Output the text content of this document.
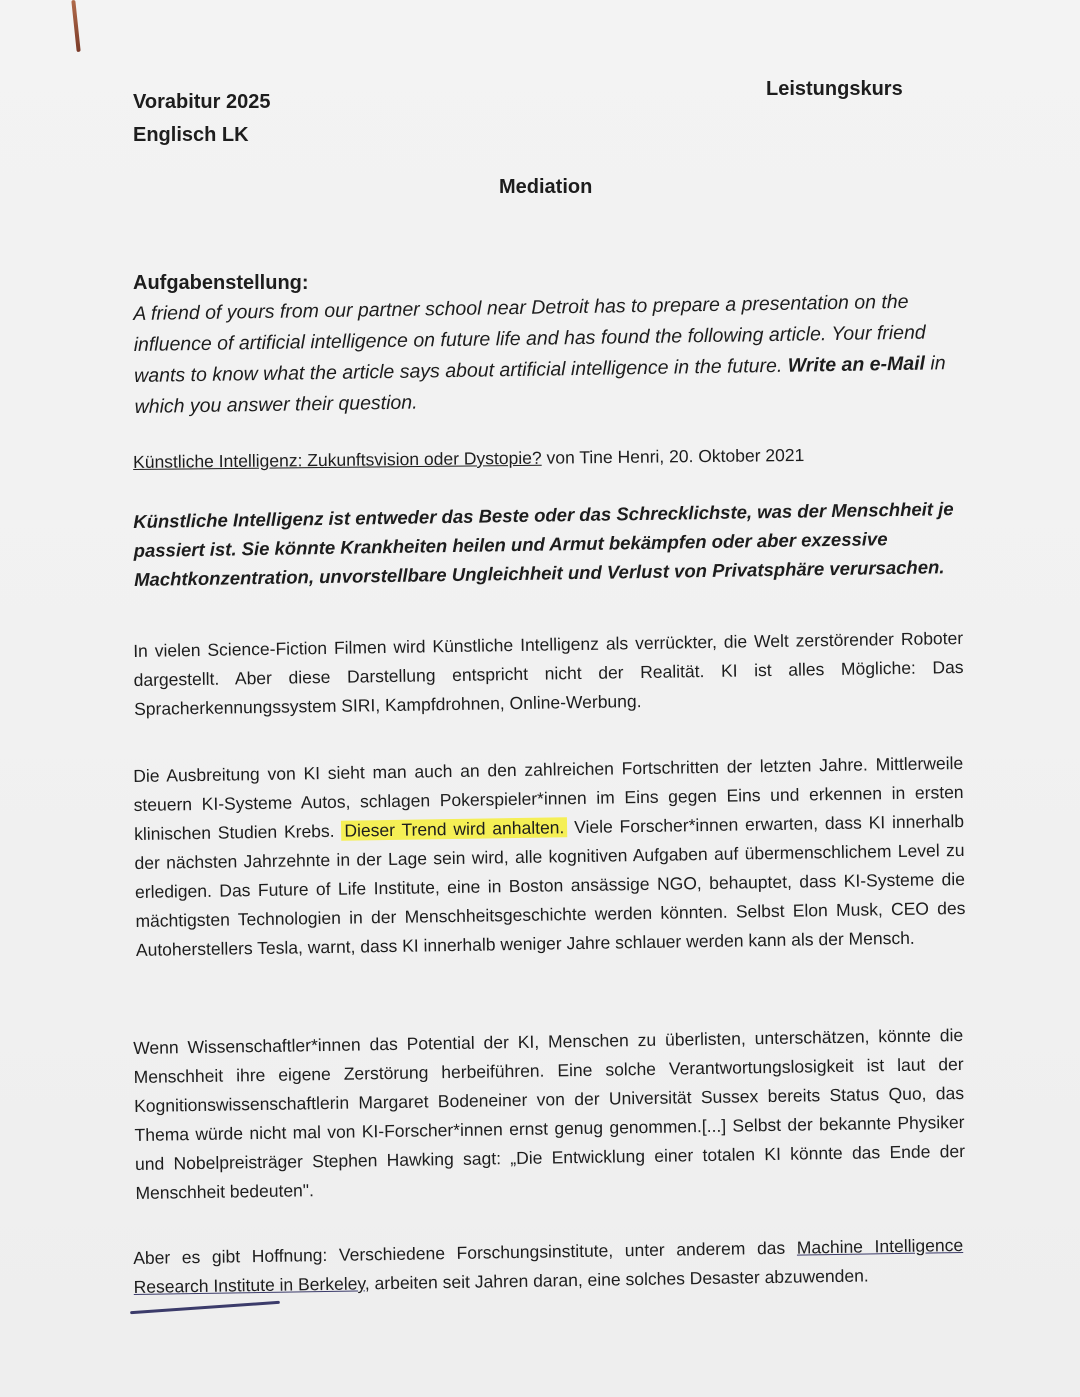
Vorabitur 2025
Englisch LK
Leistungskurs
Mediation
Aufgabenstellung:
A friend of yours from our partner school near Detroit has to prepare a presentation on the influence of artificial intelligence on future life and has found the following article. Your friend wants to know what the article says about artificial intelligence in the future. Write an e-Mail in which you answer their question.
Künstliche Intelligenz: Zukunftsvision oder Dystopie? von Tine Henri, 20. Oktober 2021
Künstliche Intelligenz ist entweder das Beste oder das Schrecklichste, was der Menschheit je passiert ist. Sie könnte Krankheiten heilen und Armut bekämpfen oder aber exzessive Machtkonzentration, unvorstellbare Ungleichheit und Verlust von Privatsphäre verursachen.
In vielen Science-Fiction Filmen wird Künstliche Intelligenz als verrückter, die Welt zerstörender Roboter dargestellt. Aber diese Darstellung entspricht nicht der Realität. KI ist alles Mögliche: Das Spracherkennungssystem SIRI, Kampfdrohnen, Online-Werbung.
Die Ausbreitung von KI sieht man auch an den zahlreichen Fortschritten der letzten Jahre. Mittlerweile steuern KI-Systeme Autos, schlagen Pokerspieler*innen im Eins gegen Eins und erkennen in ersten klinischen Studien Krebs. Dieser Trend wird anhalten. Viele Forscher*innen erwarten, dass KI innerhalb der nächsten Jahrzehnte in der Lage sein wird, alle kognitiven Aufgaben auf übermenschlichem Level zu erledigen. Das Future of Life Institute, eine in Boston ansässige NGO, behauptet, dass KI-Systeme die mächtigsten Technologien in der Menschheitsgeschichte werden könnten. Selbst Elon Musk, CEO des Autoherstellers Tesla, warnt, dass KI innerhalb weniger Jahre schlauer werden kann als der Mensch.
Wenn Wissenschaftler*innen das Potential der KI, Menschen zu überlisten, unterschätzen, könnte die Menschheit ihre eigene Zerstörung herbeiführen. Eine solche Verantwortungslosigkeit ist laut der Kognitionswissenschaftlerin Margaret Bodeneiner von der Universität Sussex bereits Status Quo, das Thema würde nicht mal von KI-Forscher*innen ernst genug genommen.[...] Selbst der bekannte Physiker und Nobelpreisträger Stephen Hawking sagt: „Die Entwicklung einer totalen KI könnte das Ende der Menschheit bedeuten".
Aber es gibt Hoffnung: Verschiedene Forschungsinstitute, unter anderem das Machine Intelligence Research Institute in Berkeley, arbeiten seit Jahren daran, eine solches Desaster abzuwenden.
